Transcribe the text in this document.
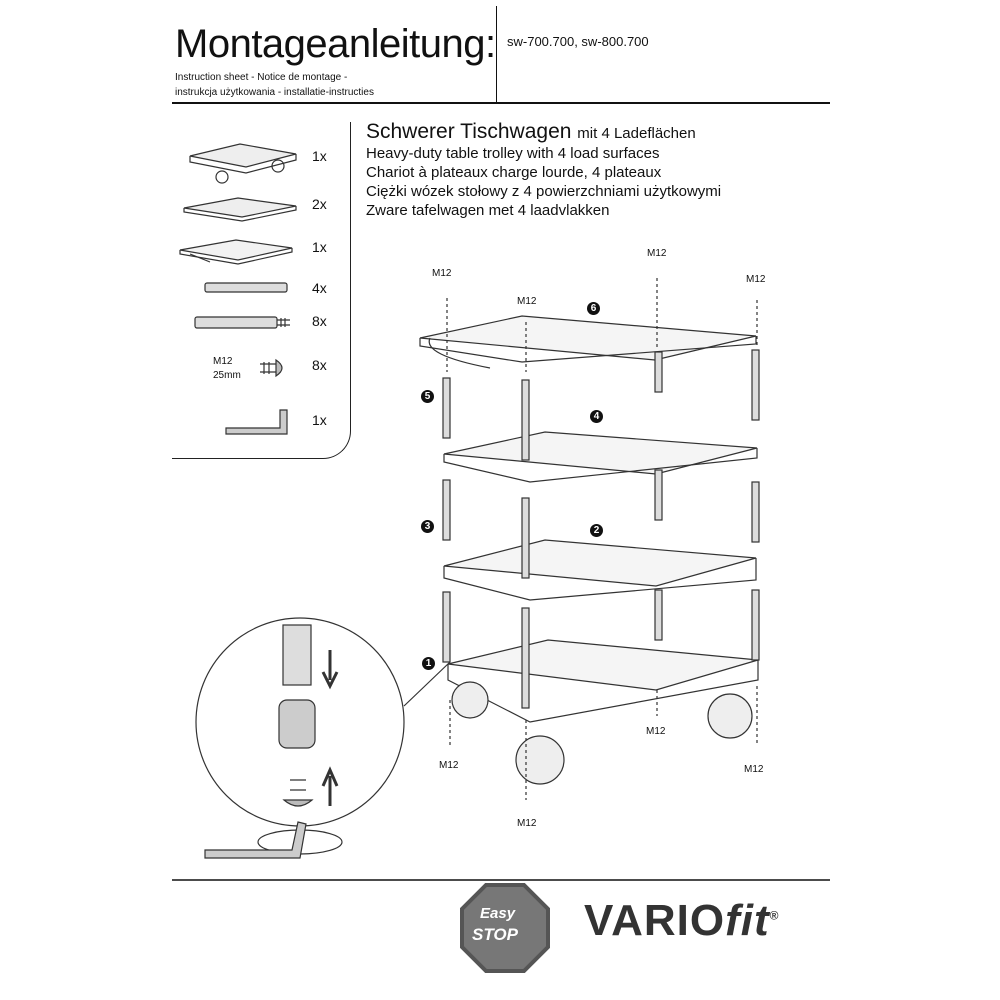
Montageanleitung: sw-700.700, sw-800.700
Instruction sheet - Notice de montage -
instrukcja użytkowania - installatie-instructies
1x
2x
1x
4x
8x
8x
1x
M12
25mm
Schwerer Tischwagen mit 4 Ladeflächen
Heavy-duty table trolley with 4 load surfaces
Chariot à plateaux charge lourde, 4 plateaux
Ciężki wózek stołowy z 4 powierzchniami użytkowymi
Zware tafelwagen met 4 laadvlakken
6
5
4
3	2
1
M12
M12
M12
M12
M12
M12
M12
M12
Easy
STOP VARIOfit®
